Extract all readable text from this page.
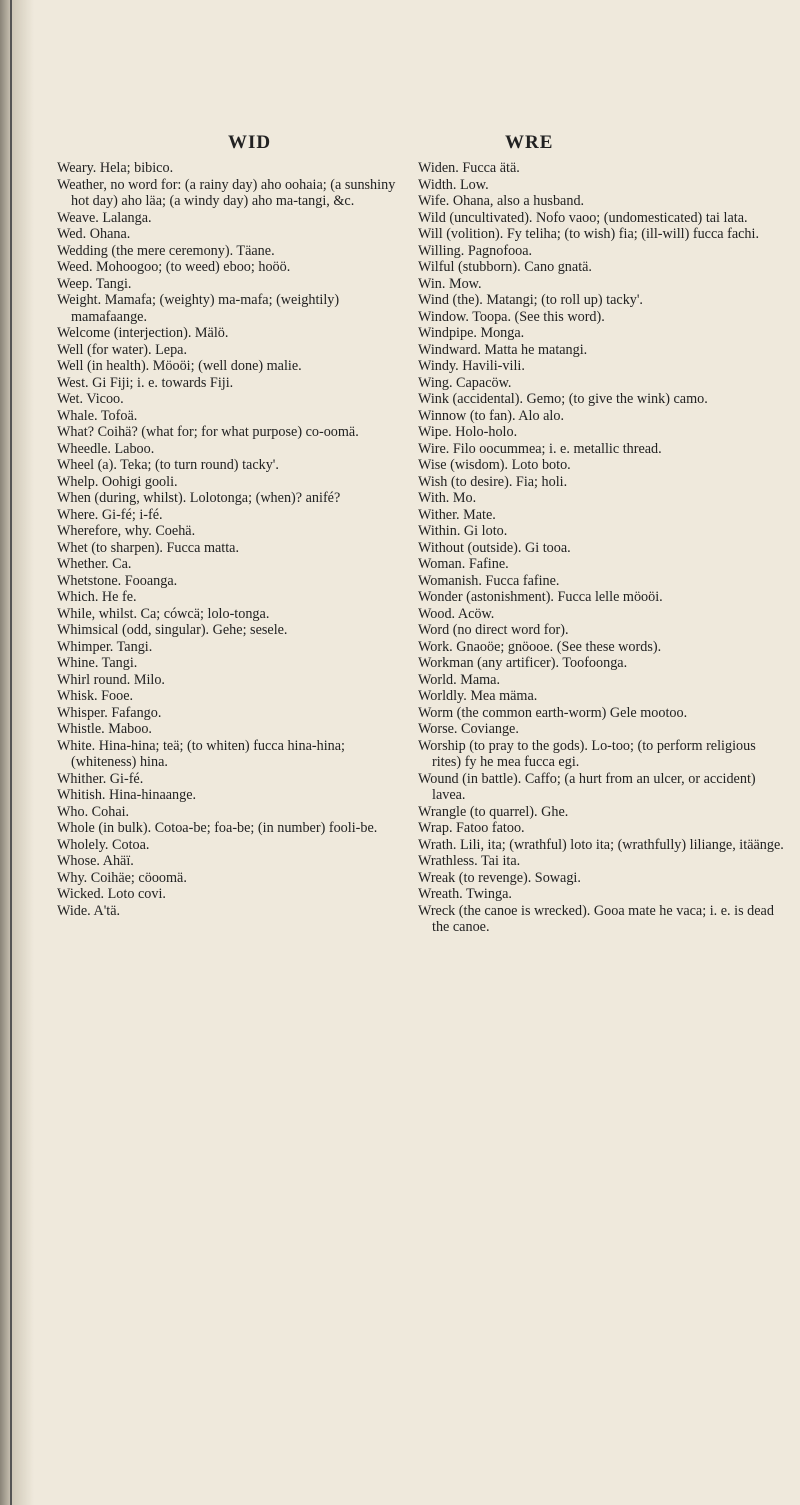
WID	WRE

Weary. Hela; bibico.

Weather, no word for: (a rainy day) aho oohaia; (a sunshiny hot day) aho läa; (a windy day) aho ma-tangi, &c.

Weave. Lalanga.

Wed. Ohana.

Wedding (the mere ceremony). Täane.

Weed. Mohoogoo; (to weed) eboo; hoöö.

Weep. Tangi.

Weight. Mamafa; (weighty) ma-mafa; (weightily) mamafaange.

Welcome (interjection). Mälö.

Well (for water). Lepa.

Well (in health). Möoöi; (well done) malie.

West. Gi Fiji; i. e. towards Fiji.

Wet. Vicoo.

Whale. Tofoä.

What? Coihä? (what for; for what purpose) co-oomä.

Wheedle. Laboo.

Wheel (a). Teka; (to turn round) tacky'.

Whelp. Oohigi gooli.

When (during, whilst). Lolotonga; (when)? anifé?

Where. Gi-fé; i-fé.

Wherefore, why. Coehä.

Whet (to sharpen). Fucca matta.

Whether. Ca.

Whetstone. Fooanga.

Which. He fe.

While, whilst. Ca; cówcä; lolo-tonga.

Whimsical (odd, singular). Gehe; sesele.

Whimper. Tangi.

Whine. Tangi.

Whirl round. Milo.

Whisk. Fooe.

Whisper. Fafango.

Whistle. Maboo.

White. Hina-hina; teä; (to whiten) fucca hina-hina; (whiteness) hina.

Whither. Gi-fé.

Whitish. Hina-hinaange.

Who. Cohai.

Whole (in bulk). Cotoa-be; foa-be; (in number) fooli-be.

Wholely. Cotoa.

Whose. Ahäï.

Why. Coihäe; cöoomä.

Wicked. Loto covi.

Wide. A'tä.

Widen. Fucca ätä.

Width. Low.

Wife. Ohana, also a husband.

Wild (uncultivated). Nofo vaoo; (undomesticated) tai lata.

Will (volition). Fy teliha; (to wish) fia; (ill-will) fucca fachi.

Willing. Pagnofooa.

Wilful (stubborn). Cano gnatä.

Win. Mow.

Wind (the). Matangi; (to roll up) tacky'.

Window. Toopa. (See this word).

Windpipe. Monga.

Windward. Matta he matangi.

Windy. Havili-vili.

Wing. Capacöw.

Wink (accidental). Gemo; (to give the wink) camo.

Winnow (to fan). Alo alo.

Wipe. Holo-holo.

Wire. Filo oocummea; i. e. metallic thread.

Wise (wisdom). Loto boto.

Wish (to desire). Fia; holi.

With. Mo.

Wither. Mate.

Within. Gi loto.

Without (outside). Gi tooa.

Woman. Fafine.

Womanish. Fucca fafine.

Wonder (astonishment). Fucca lelle möoöi.

Wood. Acöw.

Word (no direct word for).

Work. Gnaoöe; gnöooe. (See these words).

Workman (any artificer). Toofoonga.

World. Mama.

Worldly. Mea mäma.

Worm (the common earth-worm) Gele mootoo.

Worse. Coviange.

Worship (to pray to the gods). Lo-too; (to perform religious rites) fy he mea fucca egi.

Wound (in battle). Caffo; (a hurt from an ulcer, or accident) lavea.

Wrangle (to quarrel). Ghe.

Wrap. Fatoo fatoo.

Wrath. Lili, ita; (wrathful) loto ita; (wrathfully) liliange, itäänge.

Wrathless. Tai ita.

Wreak (to revenge). Sowagi.

Wreath. Twinga.

Wreck (the canoe is wrecked). Gooa mate he vaca; i. e. is dead the canoe.
